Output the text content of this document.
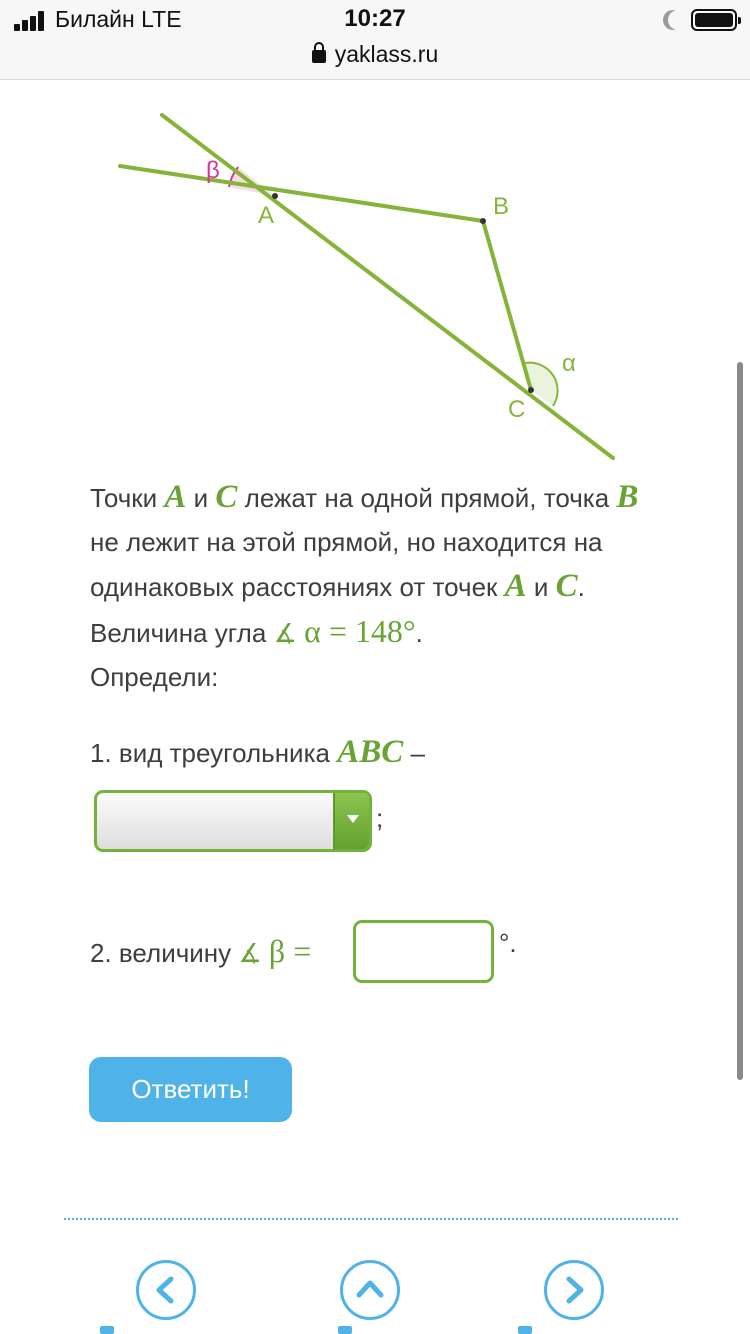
Билайн LTE	10:27
yaklass.ru
A	B
C
α
β

Точки A и C лежат на одной прямой, точка B не лежит на этой прямой, но находится на одинаковых расстояниях от точек A и C.

Величина угла ∡ α = 148°.

Определи:

1. вид треугольника ABC –
;
2. величину ∡ β =	°.
Ответить!
